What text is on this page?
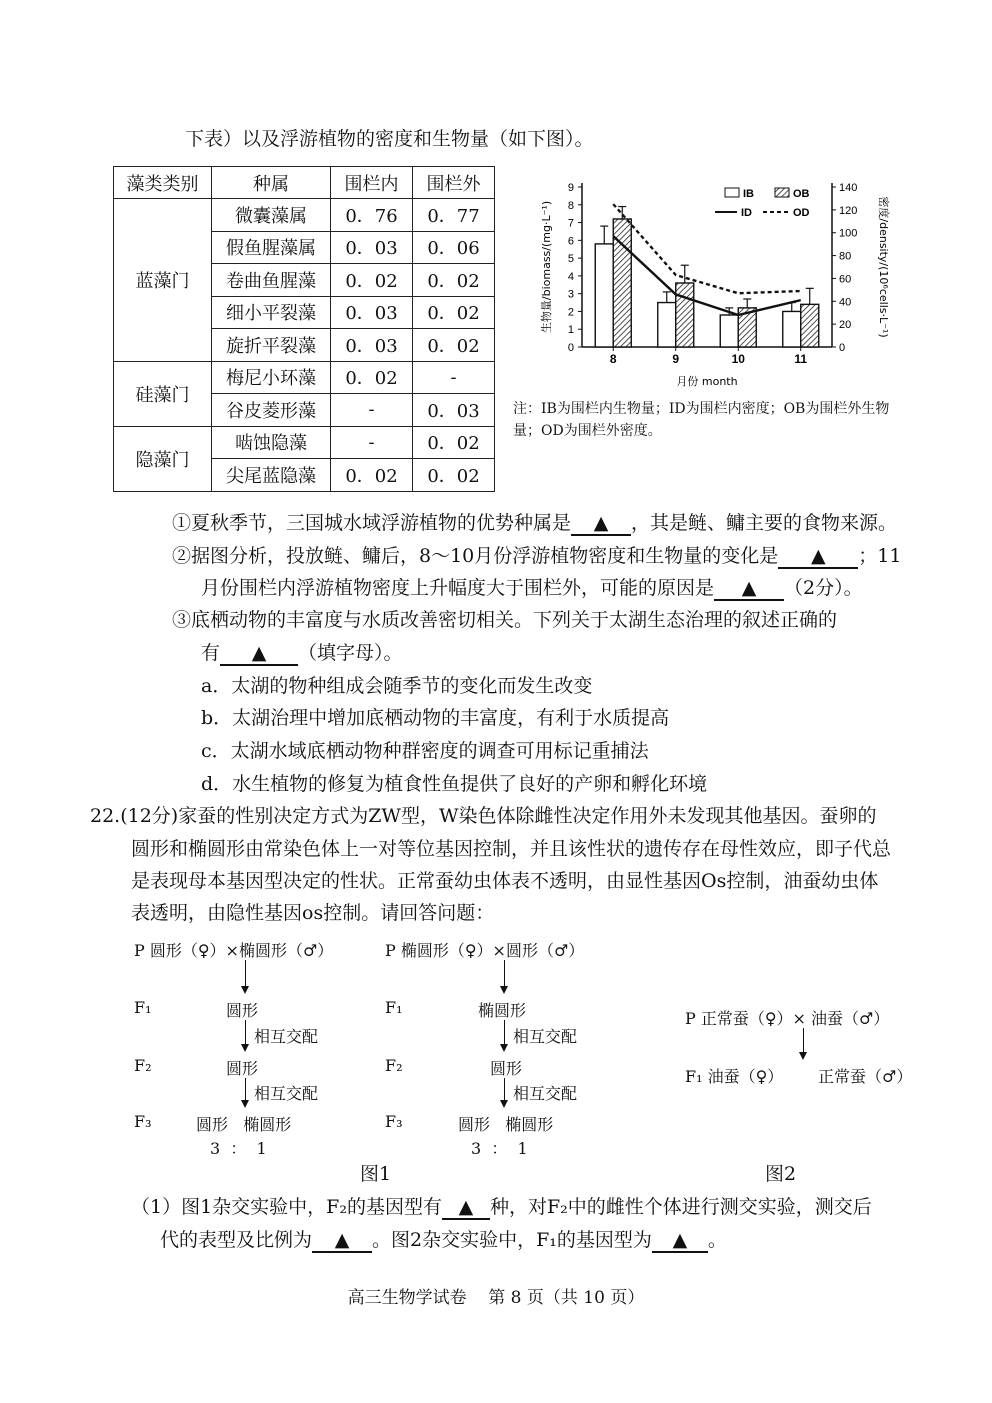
下表）以及浮游植物的密度和生物量（如下图）。
藻类类别	种属	围栏内	围栏外
蓝藻门	微囊藻属	0．76	0．77
	假鱼腥藻属	0．03	0．06
	卷曲鱼腥藻	0．02	0．02
	细小平裂藻	0．03	0．02
	旋折平裂藻	0．03	0．02
硅藻门	梅尼小环藻	0．02	-
	谷皮菱形藻	-	0．03
隐藻门	啮蚀隐藻	-	0．02
	尖尾蓝隐藻	0．02	0．02
0
1
2
3
4
5
6
7
8
9
0
20
40
60
80
100
120
140
8	9	10	11
月份 month
生物量/biomass/(mg·L⁻¹)	密度/density/(10⁶cells·L⁻¹)
IB	OB
ID	OD
注：IB为围栏内生物量；ID为围栏内密度；OB为围栏外生物量；OD为围栏外密度。
①夏秋季节，三国城水域浮游植物的优势种属是 ▲ ，其是鲢、鳙主要的食物来源。
②据图分析，投放鲢、鳙后，8～10月份浮游植物密度和生物量的变化是 ▲ ；11
月份围栏内浮游植物密度上升幅度大于围栏外，可能的原因是 ▲ （2分）。
③底栖动物的丰富度与水质改善密切相关。下列关于太湖生态治理的叙述正确的
有 ▲ （填字母）。
a．太湖的物种组成会随季节的变化而发生改变
b．太湖治理中增加底栖动物的丰富度，有利于水质提高
c．太湖水域底栖动物种群密度的调查可用标记重捕法
d．水生植物的修复为植食性鱼提供了良好的产卵和孵化环境
22.(12分)家蚕的性别决定方式为ZW型，W染色体除雌性决定作用外未发现其他基因。蚕卵的
圆形和椭圆形由常染色体上一对等位基因控制，并且该性状的遗传存在母性效应，即子代总
是表现母本基因型决定的性状。正常蚕幼虫体表不透明，由显性基因Os控制，油蚕幼虫体
表透明，由隐性基因os控制。请回答问题：
P 圆形（♀）×椭圆形（♂）
F₁	圆形
相互交配
F₂	圆形
相互交配
F₃	圆形   椭圆形
3  ：  1
P 椭圆形（♀）×圆形（♂）
F₁	椭圆形
相互交配
F₂	圆形
相互交配
F₃	圆形   椭圆形
3  ：  1
图1
P 正常蚕（♀）× 油蚕（♂）
F₁ 油蚕（♀） 正常蚕（♂）
图2
（1）图1杂交实验中，F₂的基因型有 ▲ 种，对F₂中的雌性个体进行测交实验，测交后
代的表型及比例为 ▲ 。图2杂交实验中，F₁的基因型为 ▲ 。
高三生物学试卷    第 8 页（共 10 页）
